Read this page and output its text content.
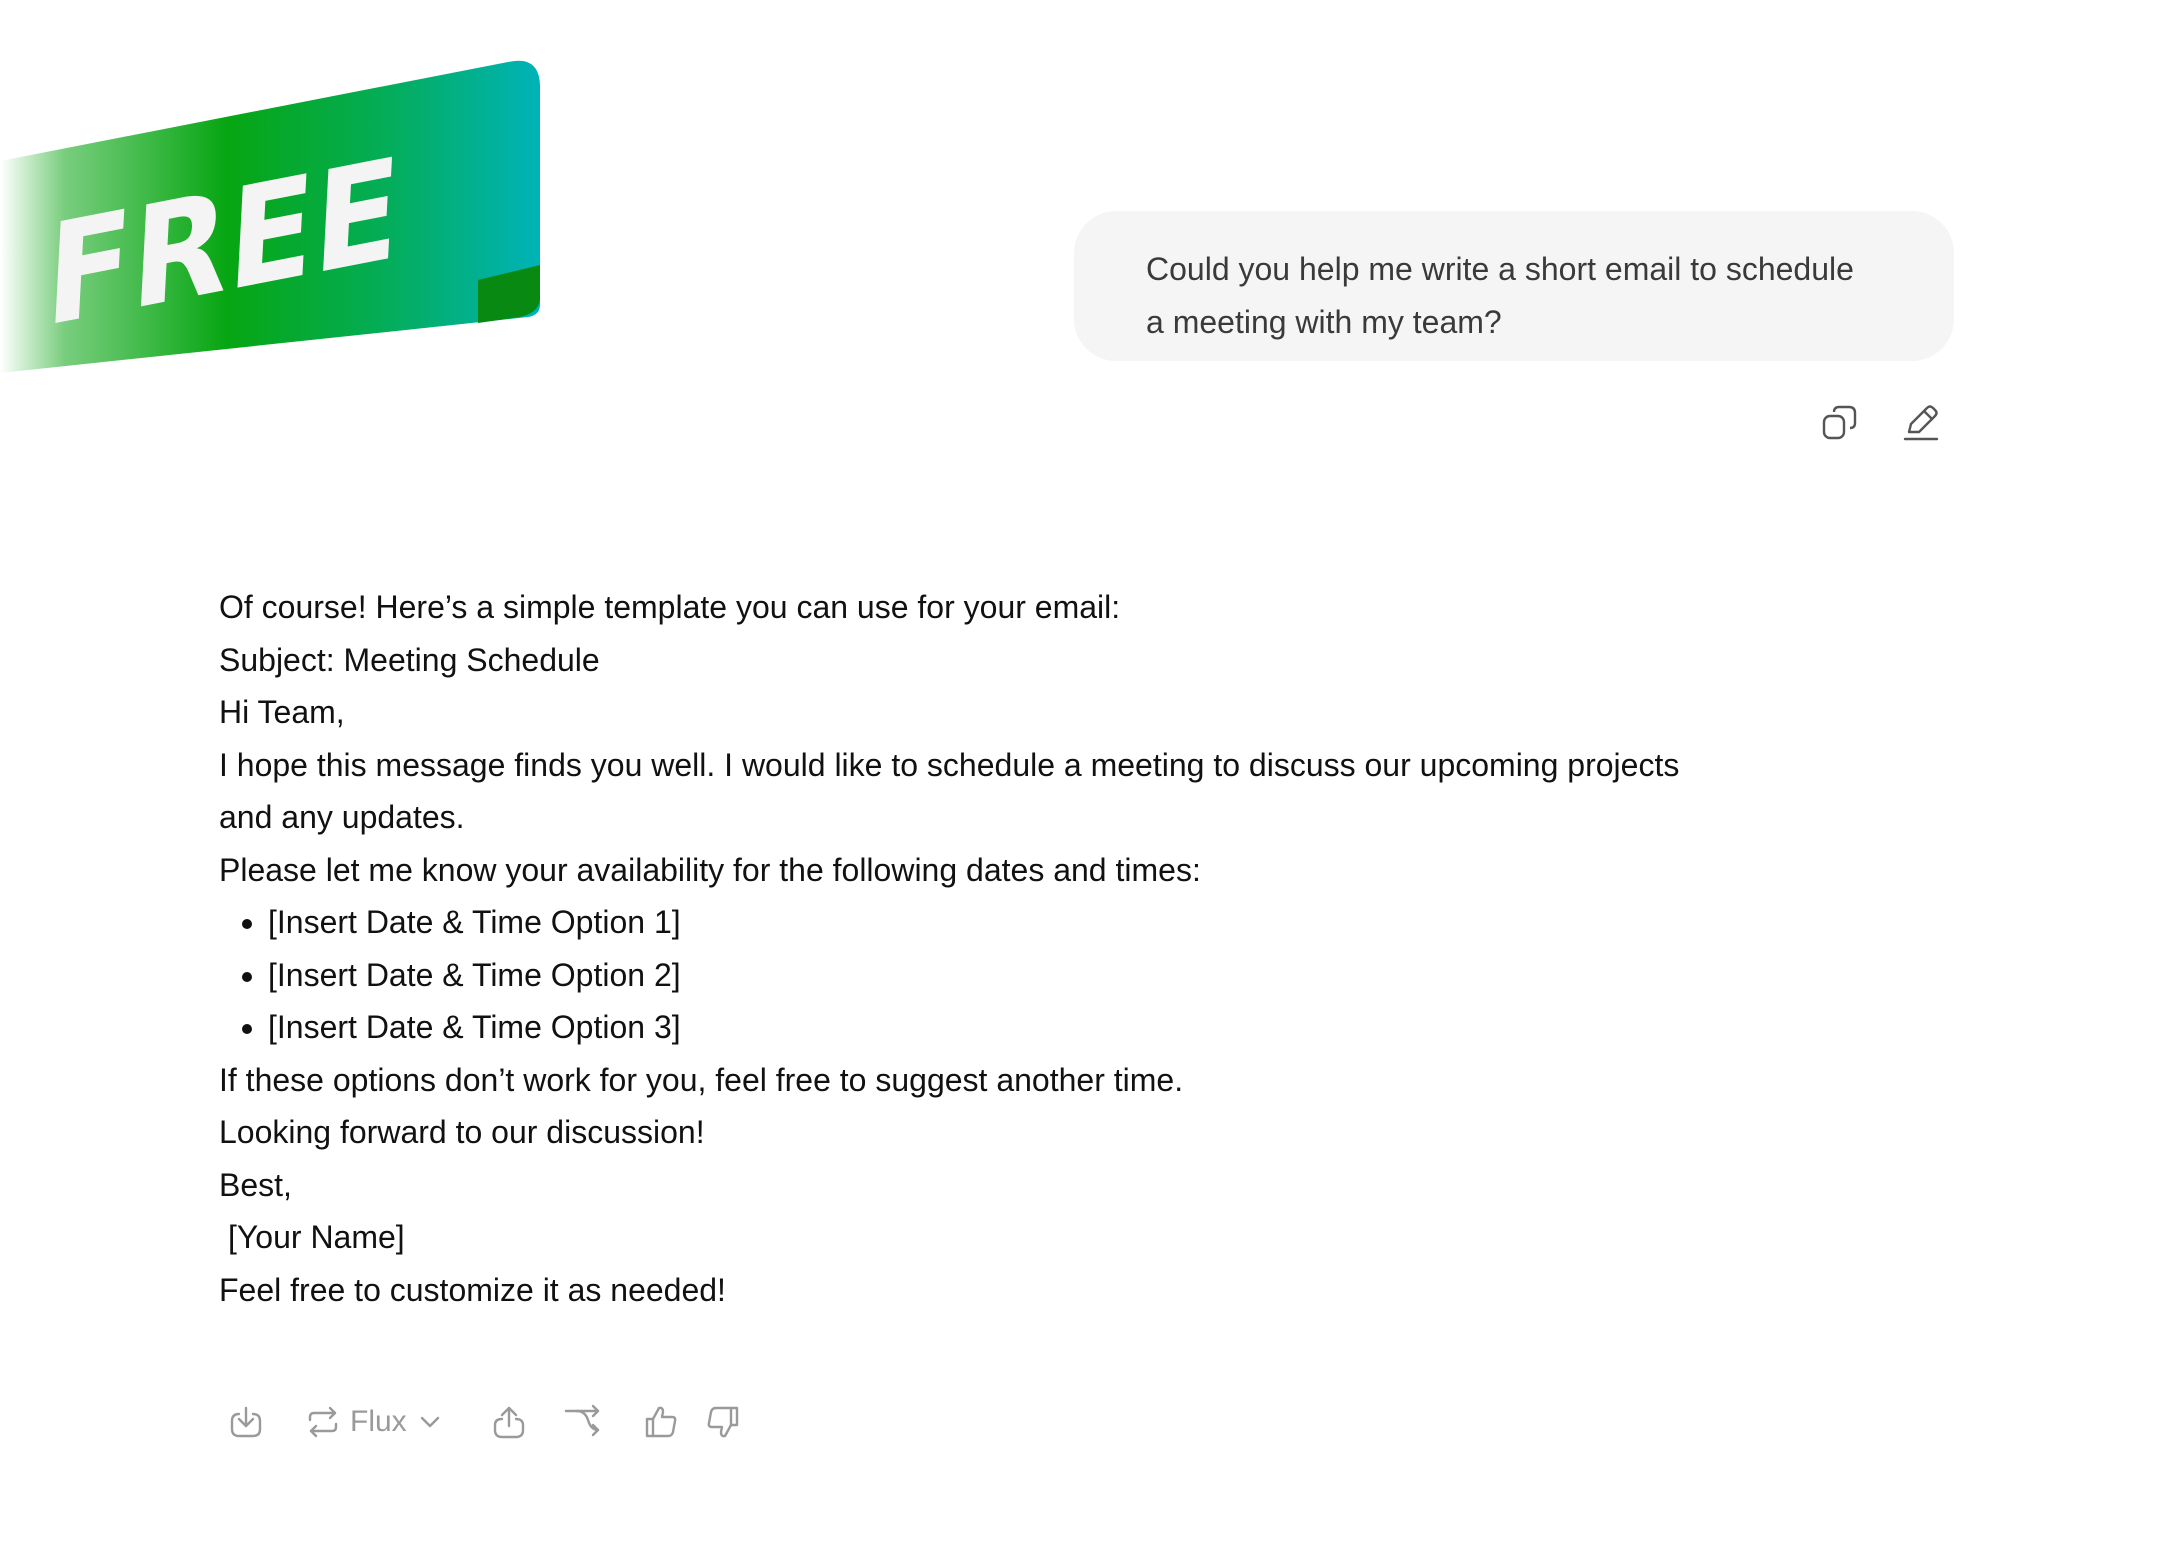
FREE	Could you help me write a short email to schedule
a meeting with my team?

Of course! Here’s a simple template you can use for your email:

Subject: Meeting Schedule

Hi Team,

I hope this message finds you well. I would like to schedule a meeting to discuss our upcoming projects

and any updates.

Please let me know your availability for the following dates and times:

• [Insert Date & Time Option 1]
• [Insert Date & Time Option 2]
• [Insert Date & Time Option 3]

If these options don’t work for you, feel free to suggest another time.

Looking forward to our discussion!

Best,

[Your Name]

Feel free to customize it as needed!

Flux
